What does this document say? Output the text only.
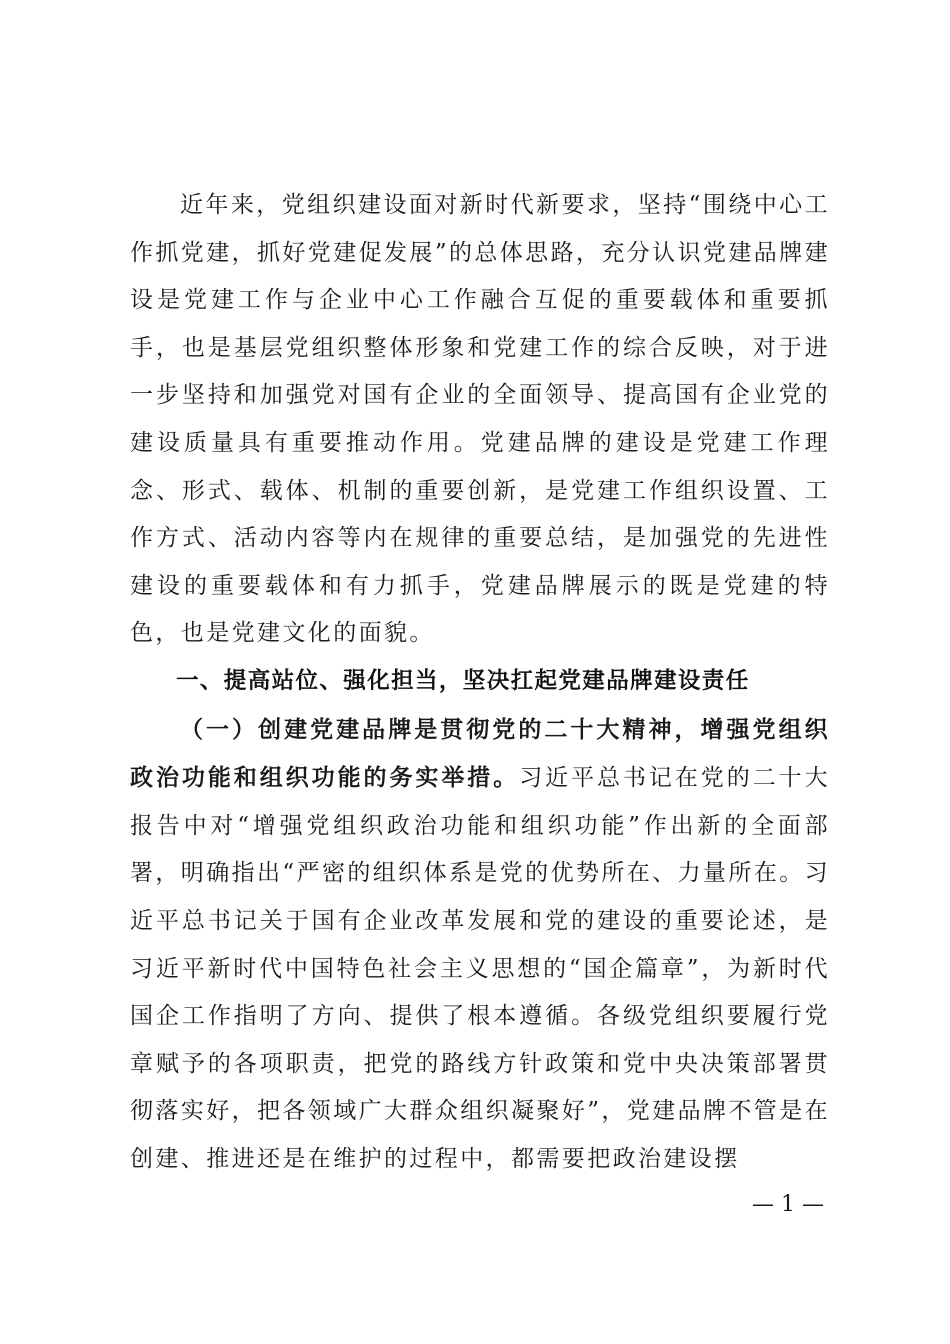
近年来，党组织建设面对新时代新要求，坚持“围绕中心工作抓党建，抓好党建促发展”的总体思路，充分认识党建品牌建设是党建工作与企业中心工作融合互促的重要载体和重要抓手，也是基层党组织整体形象和党建工作的综合反映，对于进一步坚持和加强党对国有企业的全面领导、提高国有企业党的建设质量具有重要推动作用。党建品牌的建设是党建工作理念、形式、载体、机制的重要创新，是党建工作组织设置、工作方式、活动内容等内在规律的重要总结，是加强党的先进性建设的重要载体和有力抓手，党建品牌展示的既是党建的特色，也是党建文化的面貌。

一、提高站位、强化担当，坚决扛起党建品牌建设责任

（一）创建党建品牌是贯彻党的二十大精神，增强党组织政治功能和组织功能的务实举措。习近平总书记在党的二十大报告中对“增强党组织政治功能和组织功能”作出新的全面部署，明确指出“严密的组织体系是党的优势所在、力量所在。习近平总书记关于国有企业改革发展和党的建设的重要论述，是习近平新时代中国特色社会主义思想的“国企篇章”，为新时代国企工作指明了方向、提供了根本遵循。各级党组织要履行党章赋予的各项职责，把党的路线方针政策和党中央决策部署贯彻落实好，把各领域广大群众组织凝聚好”，党建品牌不管是在创建、推进还是在维护的过程中，都需要把政治建设摆

— 1 —
